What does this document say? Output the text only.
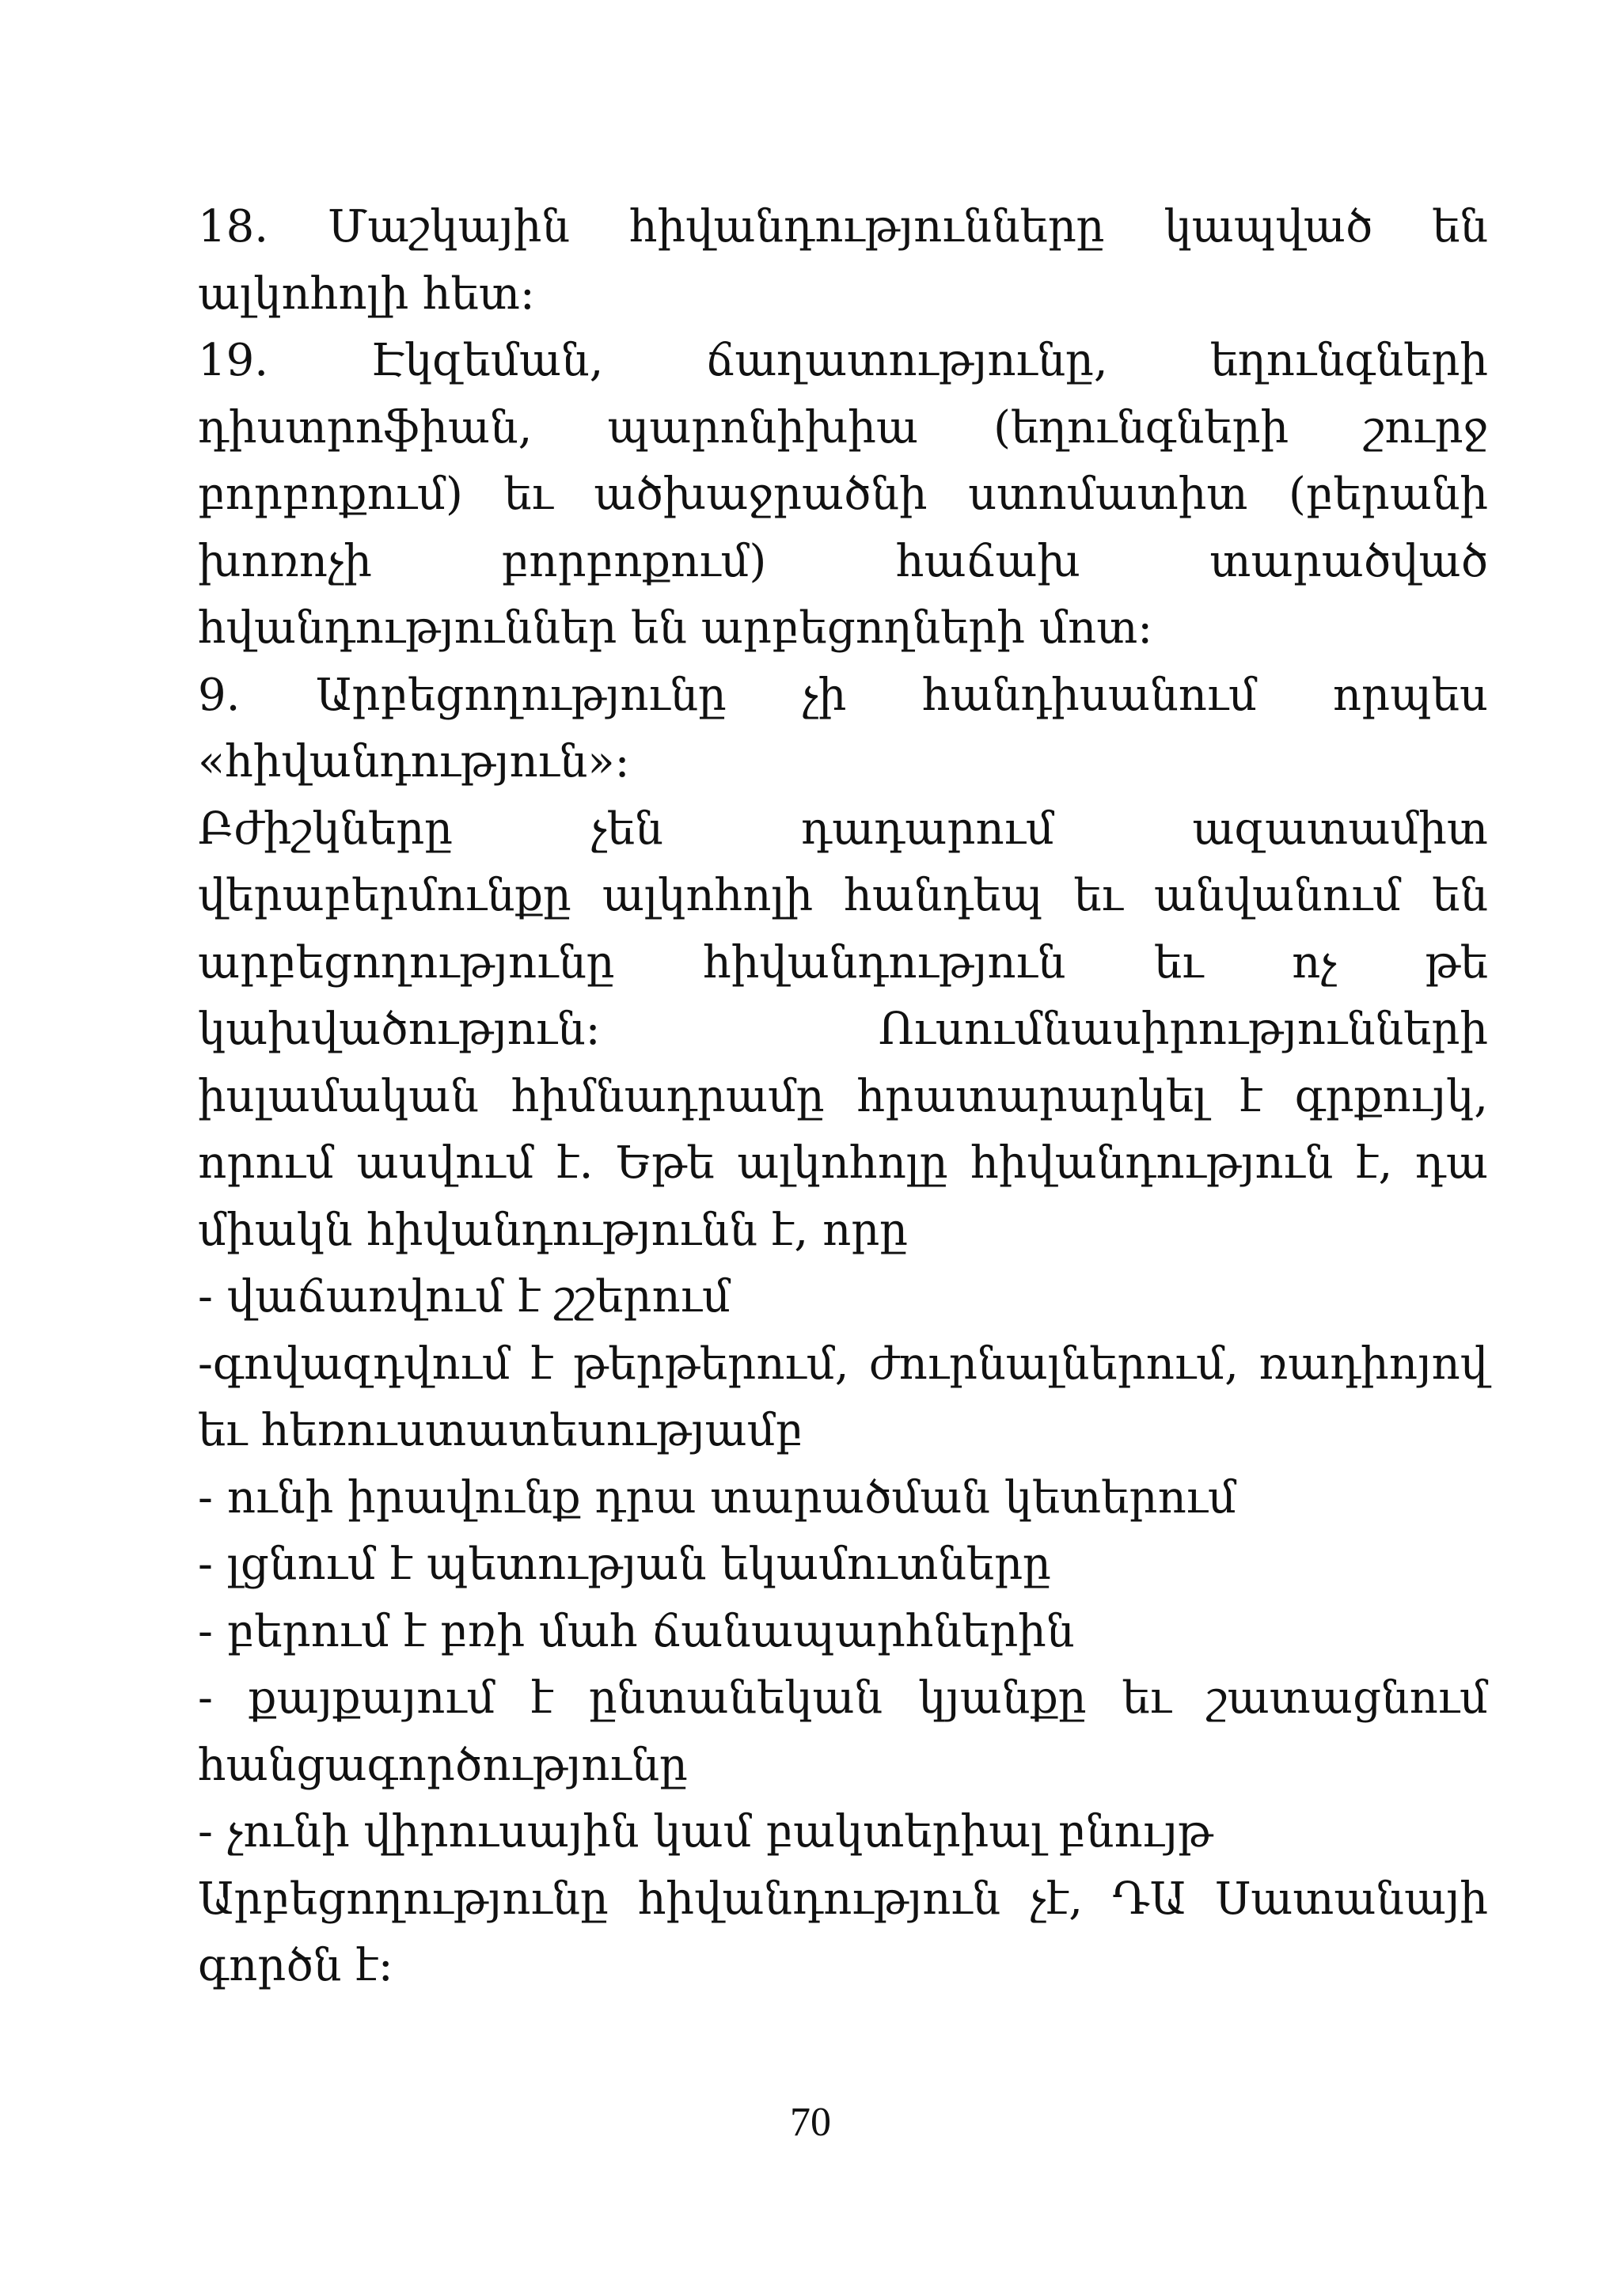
18. Մաշկային հիվանդությունները կապված են ալկոհոլի հետ:

19. Էկզեման, ճաղատությունը, եղունգների դիստրոֆիան, պարոնիխիա (եղունգների շուրջ բորբոքում) եւ ածխաջրածնի ստոմատիտ (բերանի խոռոչի բորբոքում) հաճախ տարածված հվանդություններ են արբեցողների մոտ:

9. Արբեցողությունը չի հանդիսանում որպես «հիվանդություն»:

Բժիշկները չեն դադարում ազատամիտ վերաբերմունքը ալկոհոլի հանդեպ եւ անվանում են արբեցողությունը հիվանդություն եւ ոչ թե կախվածություն: Ուսումնասիրությունների իսլամական հիմնադրամը հրատարարկել է գրքույկ, որում ասվում է. Եթե ալկոհոլը հիվանդություն է, դա միակն հիվանդությունն է, որը

- վաճառվում է շշերում

-գովազդվում է թերթերում, ժուրնալներում, ռադիոյով եւ հեռուստատեսությամբ

- ունի իրավունք դրա տարածման կետերում

- լցնում է պետության եկամուտները

- բերում է բռի մահ ճանապարհներին

- քայքայում է ընտանեկան կյանքը եւ շատացնում հանցագործությունը

- չունի վիրուսային կամ բակտերիալ բնույթ

Արբեցողությունը հիվանդություն չէ, ԴԱ Սատանայի գործն է:

70
